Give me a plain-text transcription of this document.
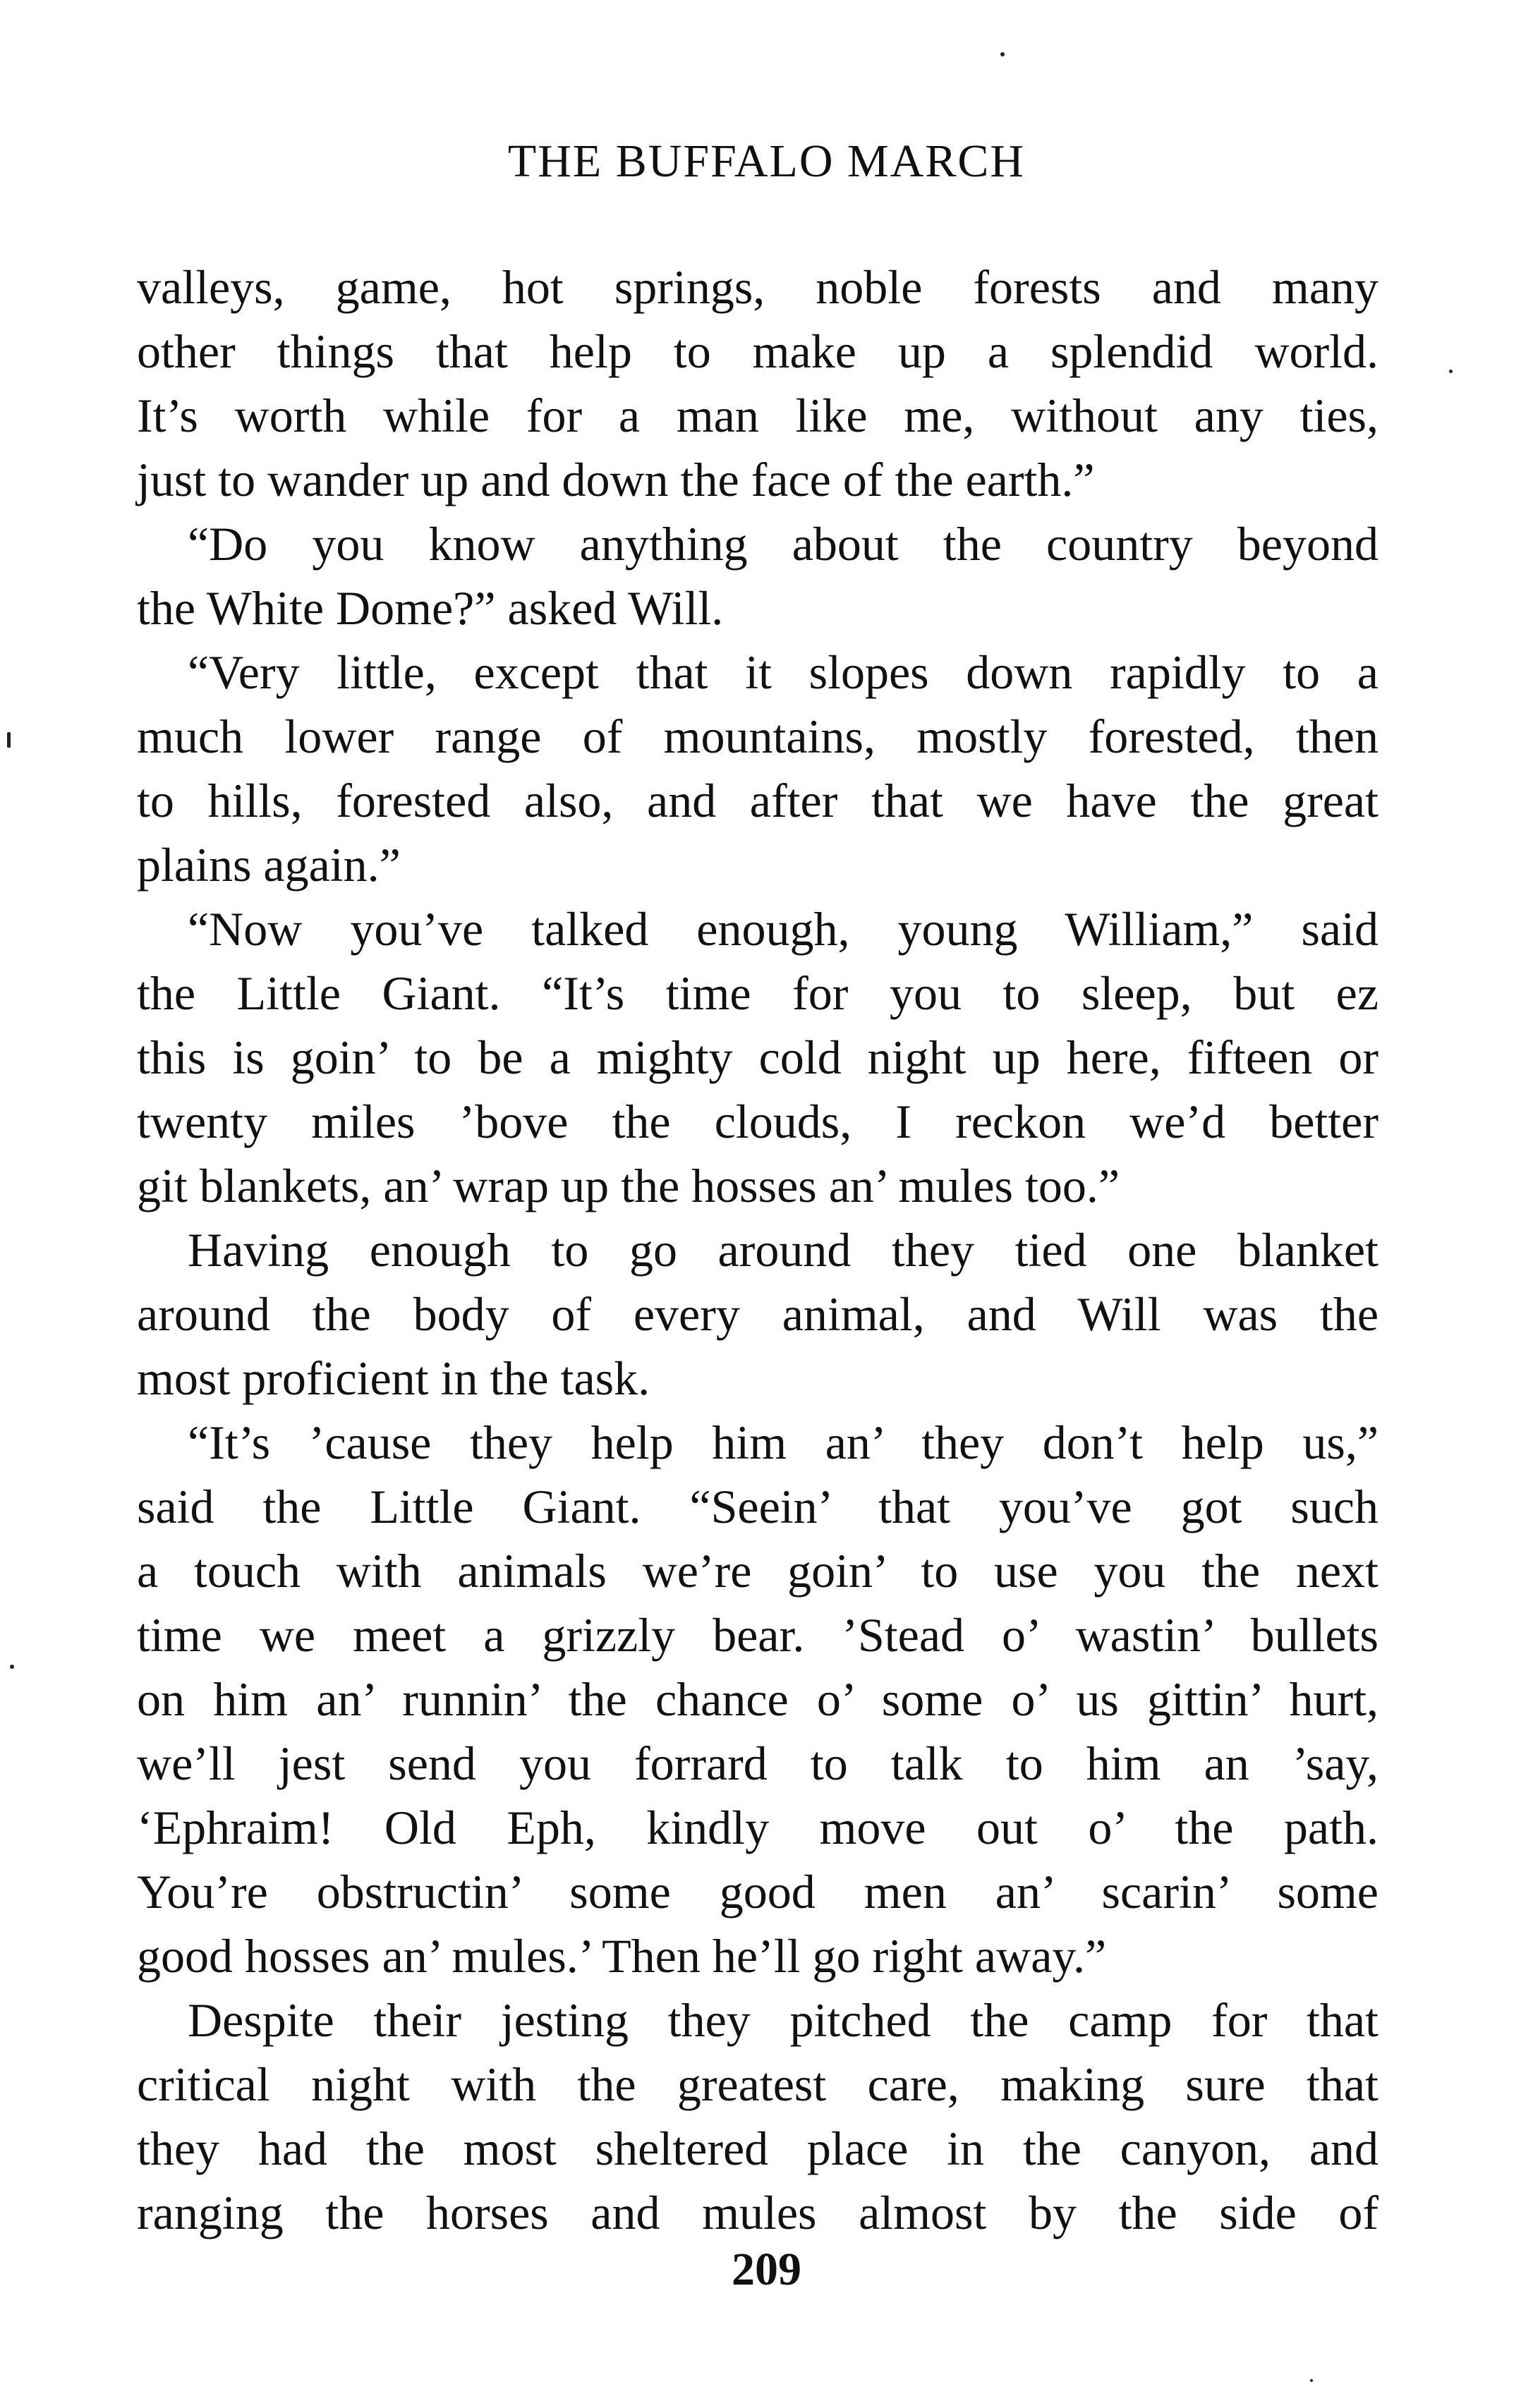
THE BUFFALO MARCH
valleys, game, hot springs, noble forests and many
other things that help to make up a splendid world.
It’s worth while for a man like me, without any ties,
just to wander up and down the face of the earth.”
“Do you know anything about the country beyond
the White Dome?” asked Will.
“Very little, except that it slopes down rapidly to a
much lower range of mountains, mostly forested, then
to hills, forested also, and after that we have the great
plains again.”
“Now you’ve talked enough, young William,” said
the Little Giant. “It’s time for you to sleep, but ez
this is goin’ to be a mighty cold night up here, fifteen or
twenty miles ’bove the clouds, I reckon we’d better
git blankets, an’ wrap up the hosses an’ mules too.”
Having enough to go around they tied one blanket
around the body of every animal, and Will was the
most proficient in the task.
“It’s ’cause they help him an’ they don’t help us,”
said the Little Giant. “Seein’ that you’ve got such
a touch with animals we’re goin’ to use you the next
time we meet a grizzly bear. ’Stead o’ wastin’ bullets
on him an’ runnin’ the chance o’ some o’ us gittin’ hurt,
we’ll jest send you forrard to talk to him an ’say,
‘Ephraim! Old Eph, kindly move out o’ the path.
You’re obstructin’ some good men an’ scarin’ some
good hosses an’ mules.’ Then he’ll go right away.”
Despite their jesting they pitched the camp for that
critical night with the greatest care, making sure that
they had the most sheltered place in the canyon, and
ranging the horses and mules almost by the side of
209
